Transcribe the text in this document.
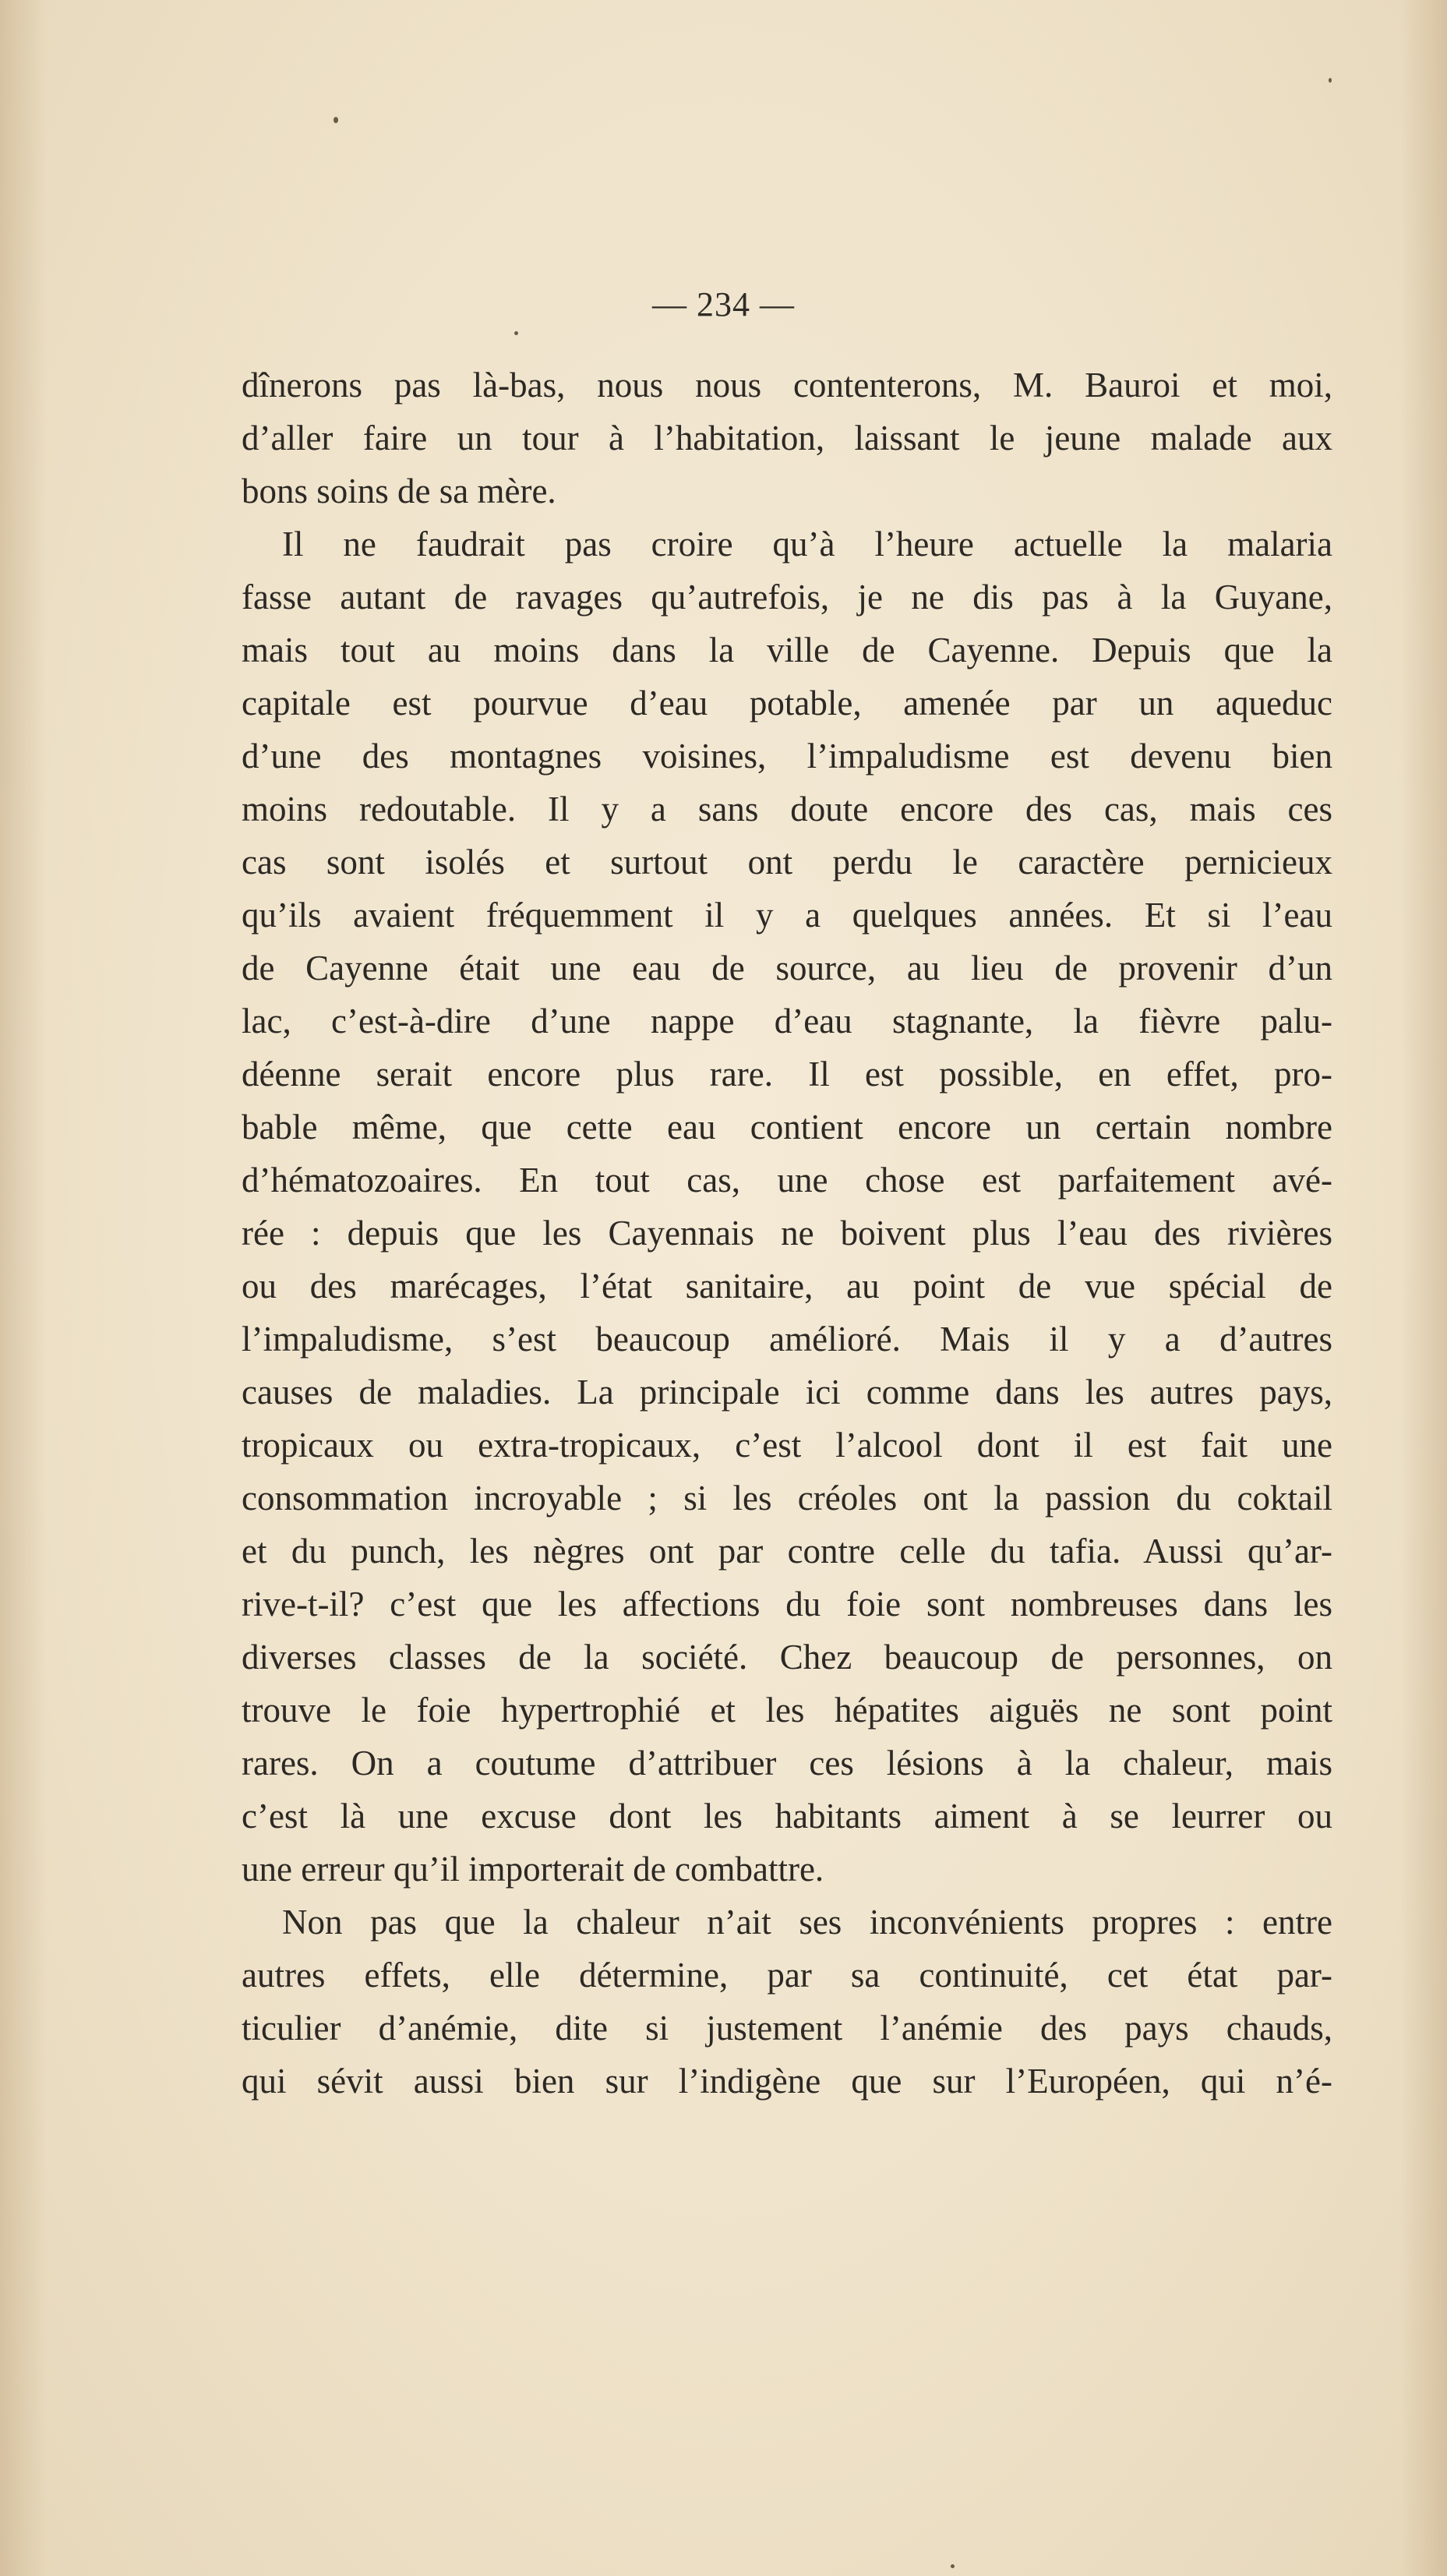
— 234 —
dînerons pas là-bas, nous nous contenterons, M. Bauroi et moi,
d’aller faire un tour à l’habitation, laissant le jeune malade aux
bons soins de sa mère.
Il ne faudrait pas croire qu’à l’heure actuelle la malaria
fasse autant de ravages qu’autrefois, je ne dis pas à la Guyane,
mais tout au moins dans la ville de Cayenne. Depuis que la
capitale est pourvue d’eau potable, amenée par un aqueduc
d’une des montagnes voisines, l’impaludisme est devenu bien
moins redoutable. Il y a sans doute encore des cas, mais ces
cas sont isolés et surtout ont perdu le caractère pernicieux
qu’ils avaient fréquemment il y a quelques années. Et si l’eau
de Cayenne était une eau de source, au lieu de provenir d’un
lac, c’est-à-dire d’une nappe d’eau stagnante, la fièvre palu-
déenne serait encore plus rare. Il est possible, en effet, pro-
bable même, que cette eau contient encore un certain nombre
d’hématozoaires. En tout cas, une chose est parfaitement avé-
rée : depuis que les Cayennais ne boivent plus l’eau des rivières
ou des marécages, l’état sanitaire, au point de vue spécial de
l’impaludisme, s’est beaucoup amélioré. Mais il y a d’autres
causes de maladies. La principale ici comme dans les autres pays,
tropicaux ou extra-tropicaux, c’est l’alcool dont il est fait une
consommation incroyable ; si les créoles ont la passion du coktail
et du punch, les nègres ont par contre celle du tafia. Aussi qu’ar-
rive-t-il? c’est que les affections du foie sont nombreuses dans les
diverses classes de la société. Chez beaucoup de personnes, on
trouve le foie hypertrophié et les hépatites aiguës ne sont point
rares. On a coutume d’attribuer ces lésions à la chaleur, mais
c’est là une excuse dont les habitants aiment à se leurrer ou
une erreur qu’il importerait de combattre.
Non pas que la chaleur n’ait ses inconvénients propres : entre
autres effets, elle détermine, par sa continuité, cet état par-
ticulier d’anémie, dite si justement l’anémie des pays chauds,
qui sévit aussi bien sur l’indigène que sur l’Européen, qui n’é-
